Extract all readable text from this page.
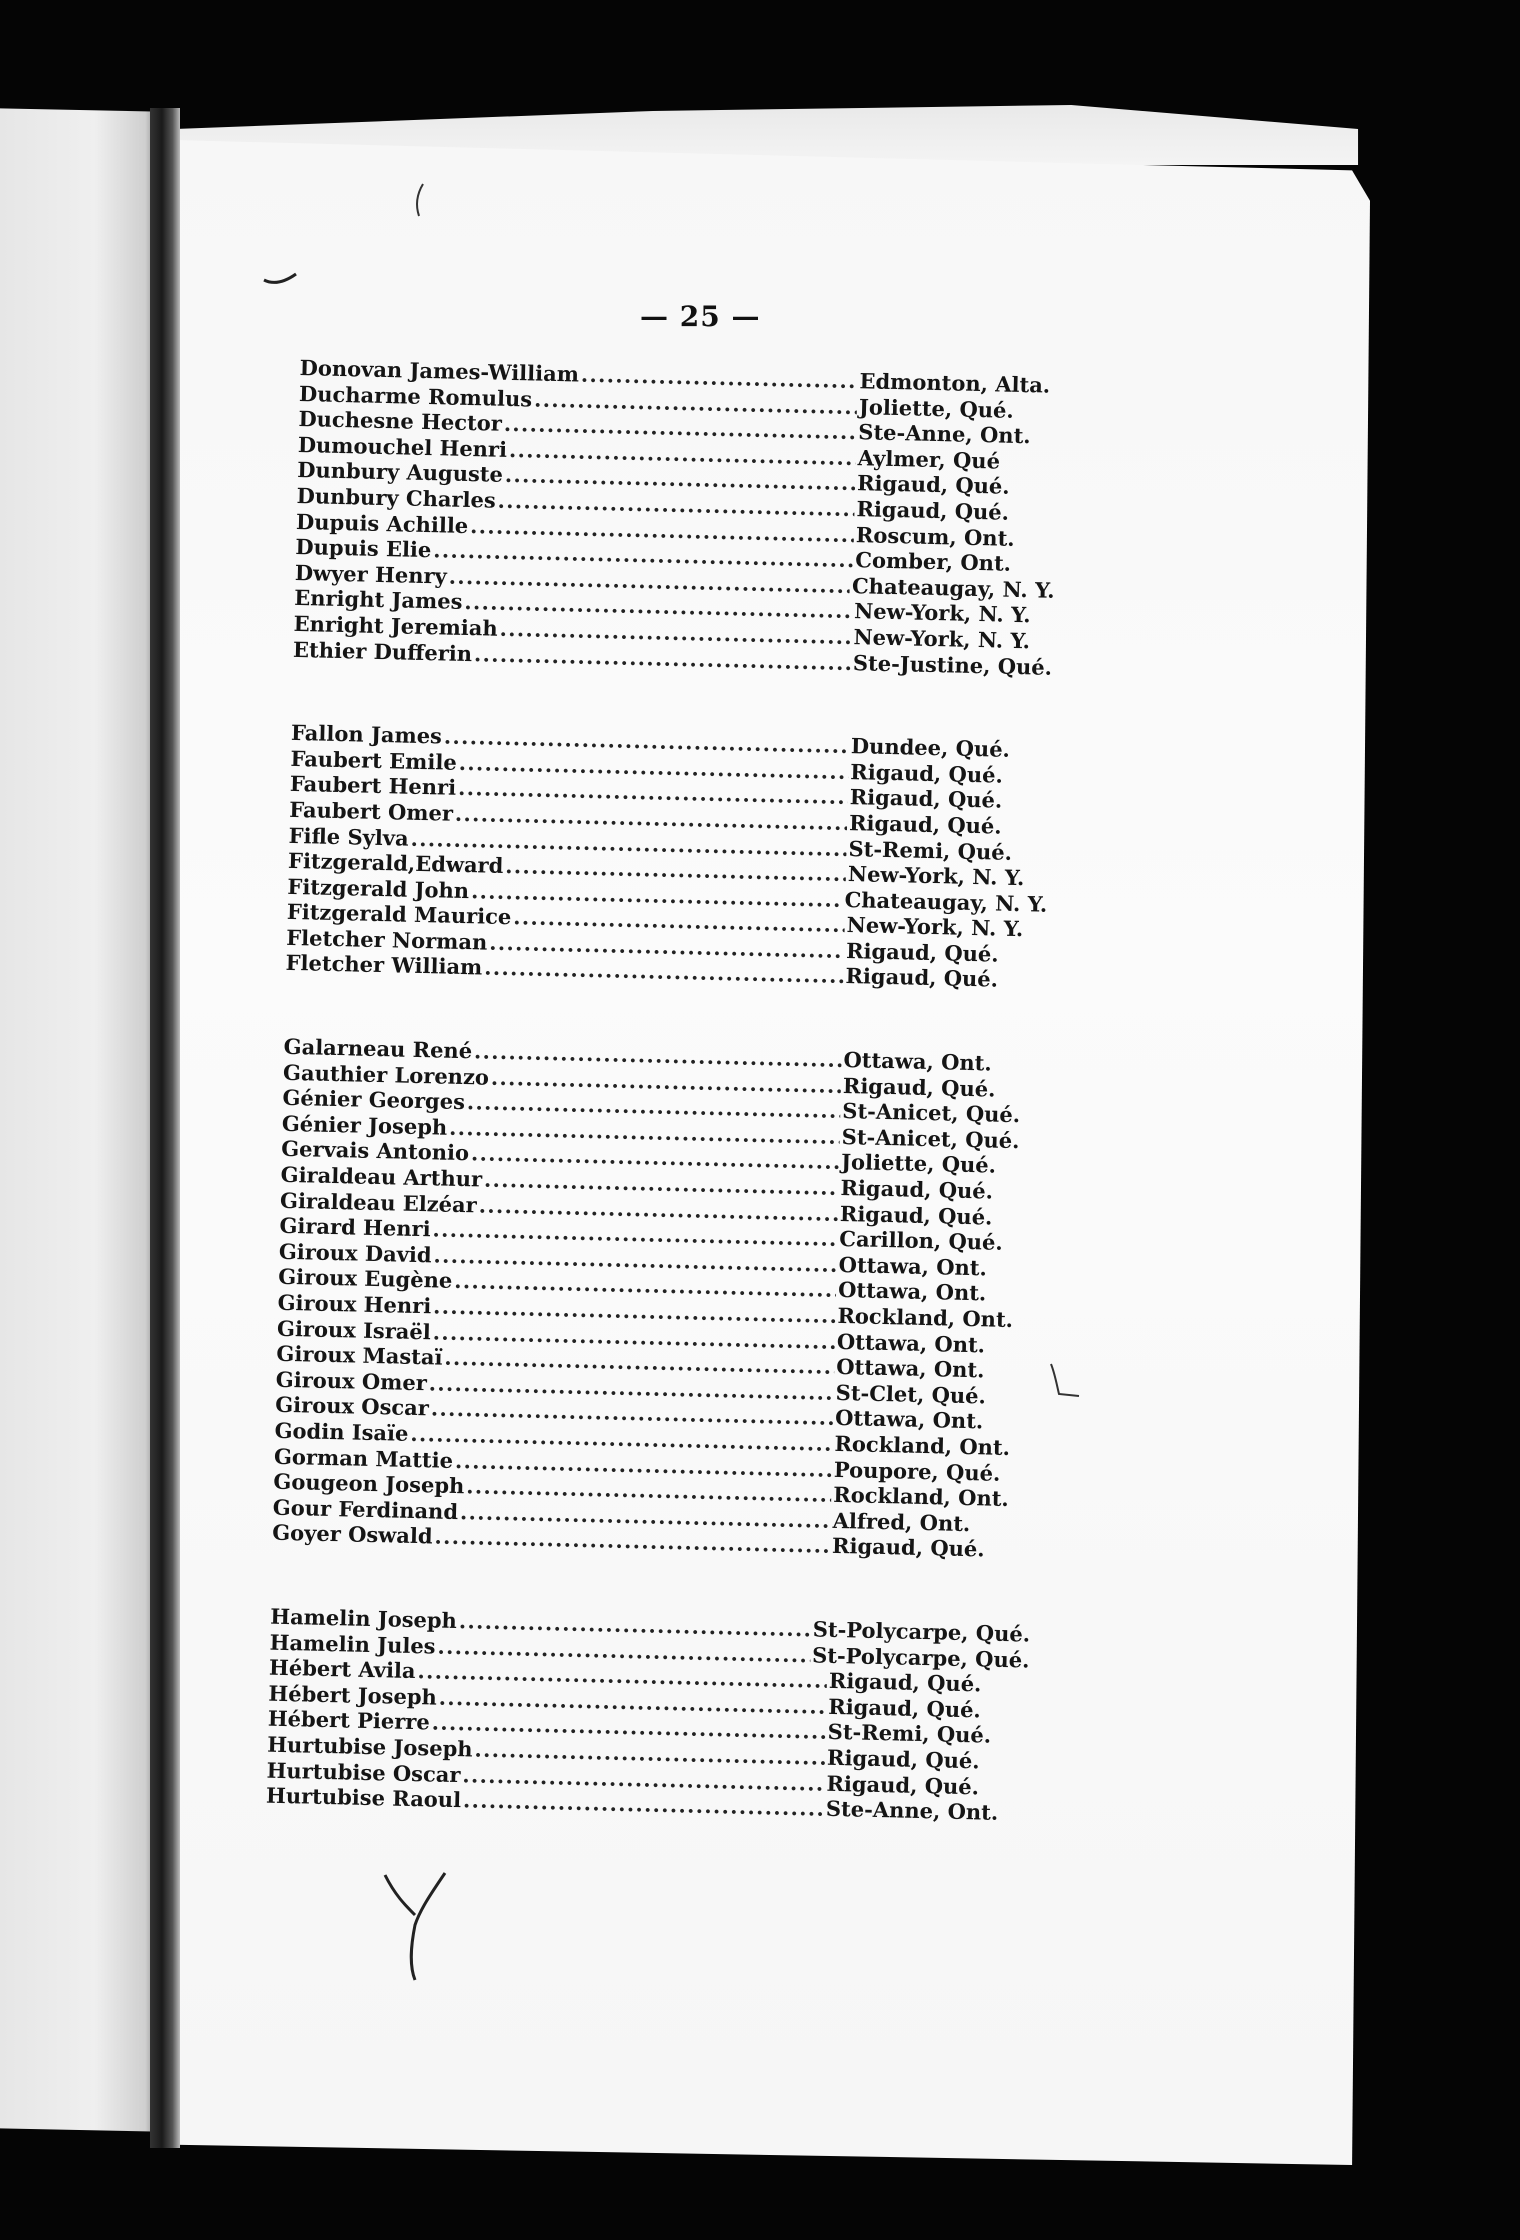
— 25 —
Donovan James-William . . .	Edmonton, Alta.
Ducharme Romulus . . .	Joliette, Qué.
Duchesne Hector . . .	Ste-Anne, Ont.
Dumouchel Henri . . .	Aylmer, Qué
Dunbury Auguste . . .	Rigaud, Qué.
Dunbury Charles . . .	Rigaud, Qué.
Dupuis Achille . . .	Roscum, Ont.
Dupuis Elie . . .	Comber, Ont.
Dwyer Henry . . .	Chateaugay, N. Y.
Enright James . . .	New-York, N. Y.
Enright Jeremiah . . .	New-York, N. Y.
Ethier Dufferin . . .	Ste-Justine, Qué.
Fallon James . . .	Dundee, Qué.
Faubert Emile . . .	Rigaud, Qué.
Faubert Henri . . .	Rigaud, Qué.
Faubert Omer . . .	Rigaud, Qué.
Fifle Sylva . . .	St-Remi, Qué.
Fitzgerald,Edward . . .	New-York, N. Y.
Fitzgerald John . . .	Chateaugay, N. Y.
Fitzgerald Maurice . . .	New-York, N. Y.
Fletcher Norman . . .	Rigaud, Qué.
Fletcher William . . .	Rigaud, Qué.
Galarneau René . . .	Ottawa, Ont.
Gauthier Lorenzo . . .	Rigaud, Qué.
Génier Georges . . .	St-Anicet, Qué.
Génier Joseph . . .	St-Anicet, Qué.
Gervais Antonio . . .	Joliette, Qué.
Giraldeau Arthur . . .	Rigaud, Qué.
Giraldeau Elzéar . . .	Rigaud, Qué.
Girard Henri . . .	Carillon, Qué.
Giroux David . . .	Ottawa, Ont.
Giroux Eugène . . .	Ottawa, Ont.
Giroux Henri . . .	Rockland, Ont.
Giroux Israël . . .	Ottawa, Ont.
Giroux Mastaï . . .	Ottawa, Ont.
Giroux Omer . . .	St-Clet, Qué.
Giroux Oscar . . .	Ottawa, Ont.
Godin Isaïe . . .	Rockland, Ont.
Gorman Mattie . . .	Poupore, Qué.
Gougeon Joseph . . .	Rockland, Ont.
Gour Ferdinand . . .	Alfred, Ont.
Goyer Oswald . . .	Rigaud, Qué.
Hamelin Joseph . . .	St-Polycarpe, Qué.
Hamelin Jules . . .	St-Polycarpe, Qué.
Hébert Avila . . .	Rigaud, Qué.
Hébert Joseph . . .	Rigaud, Qué.
Hébert Pierre . . .	St-Remi, Qué.
Hurtubise Joseph . . .	Rigaud, Qué.
Hurtubise Oscar . . .	Rigaud, Qué.
Hurtubise Raoul . . .	Ste-Anne, Ont.
